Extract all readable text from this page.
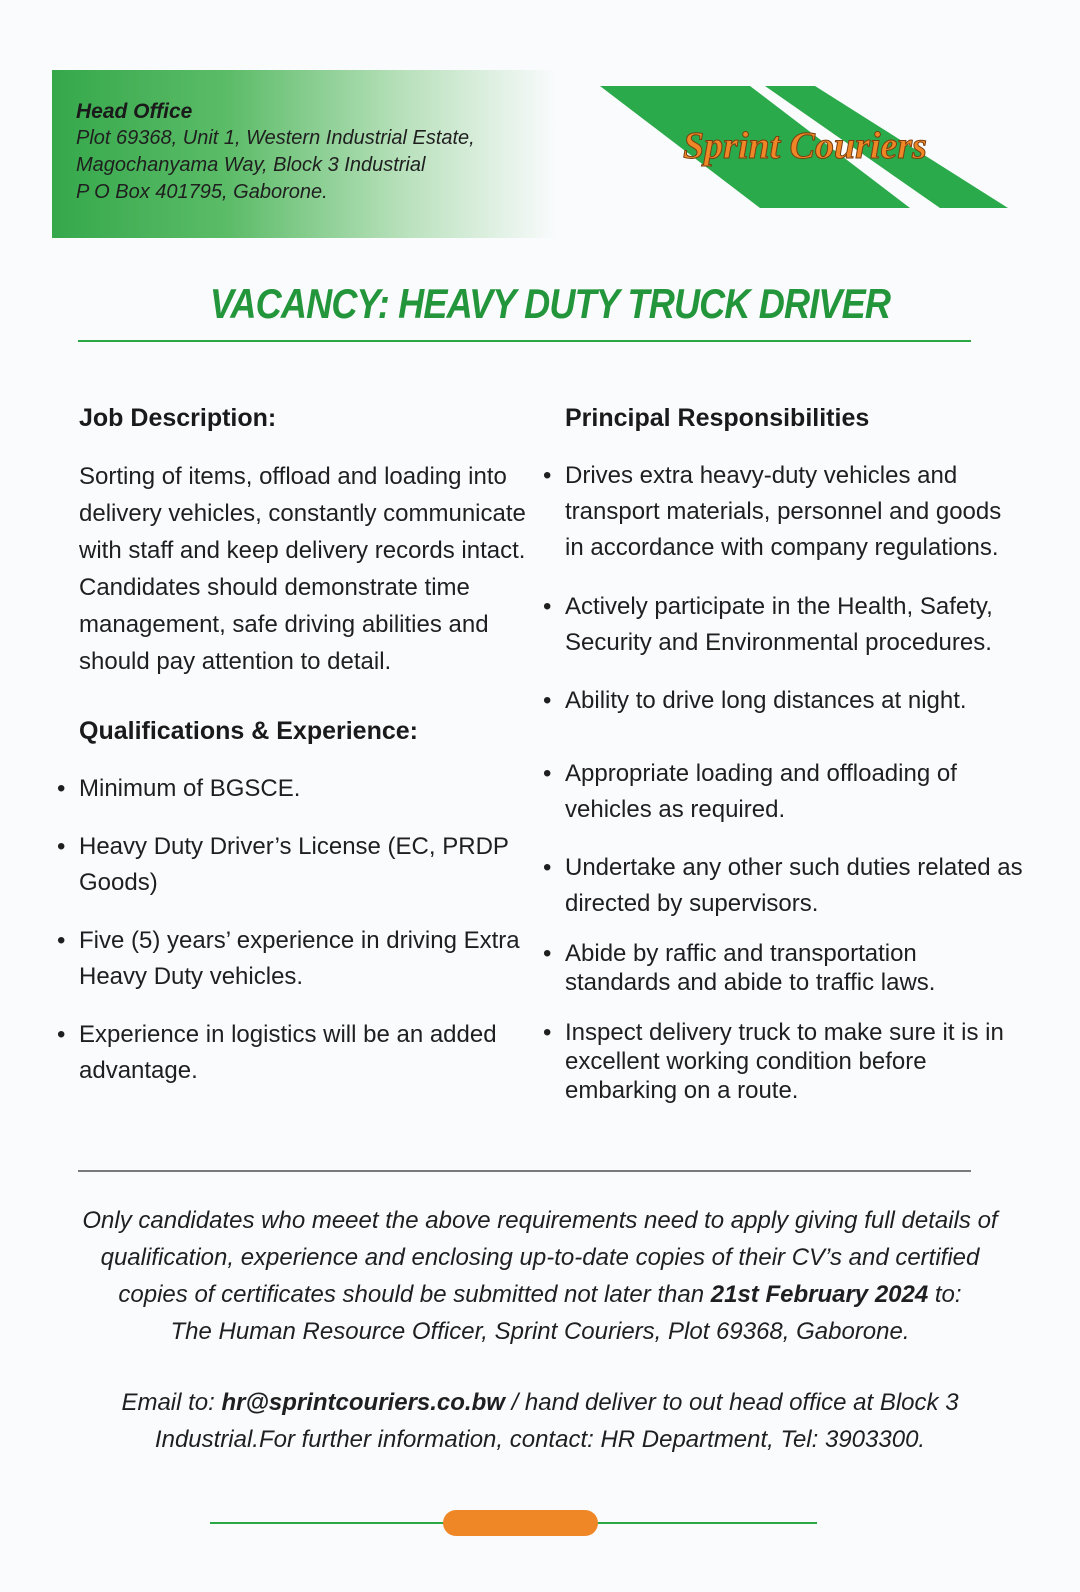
Head Office
Plot 69368, Unit 1, Western Industrial Estate,
Magochanyama Way, Block 3 Industrial
P O Box 401795, Gaborone.
Sprint Couriers
VACANCY: HEAVY DUTY TRUCK DRIVER
Job Description:
Sorting of items, offload and loading into
delivery vehicles, constantly communicate
with staff and keep delivery records intact.
Candidates should demonstrate time
management, safe driving abilities and
should pay attention to detail.
Qualifications & Experience:
• Minimum of BGSCE.
• Heavy Duty Driver’s License (EC, PRDP
Goods)
• Five (5) years’ experience in driving Extra
Heavy Duty vehicles.
• Experience in logistics will be an added
advantage.
Principal Responsibilities
• Drives extra heavy-duty vehicles and
transport materials, personnel and goods
in accordance with company regulations.
• Actively participate in the Health, Safety,
Security and Environmental procedures.
• Ability to drive long distances at night.
• Appropriate loading and offloading of
vehicles as required.
• Undertake any other such duties related as
directed by supervisors.
• Abide by raffic and transportation
standards and abide to traffic laws.
• Inspect delivery truck to make sure it is in
excellent working condition before
embarking on a route.
Only candidates who meeet the above requirements need to apply giving full details of
qualification, experience and enclosing up-to-date copies of their CV’s and certified
copies of certificates should be submitted not later than 21st February 2024 to:
The Human Resource Officer, Sprint Couriers, Plot 69368, Gaborone.
Email to: hr@sprintcouriers.co.bw / hand deliver to out head office at Block 3
Industrial.For further information, contact: HR Department, Tel: 3903300.
